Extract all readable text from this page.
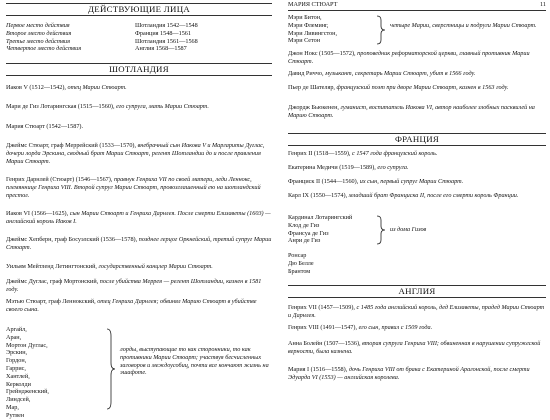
ДЕЙСТВУЮЩИЕ ЛИЦА
Первое место действия	Шотландия 1542—1548
Второе место действия	Франция 1548—1561
Третье место действия	Шотландия 1561—1568
Четвертое место действия	Англия 1568—1587
ШОТЛАНДИЯ

Иаков V (1512—1542), отец Марии Стюарт.

Мари де Гиз Лотарингская (1515—1560), его супруга, мать Марии Стюарт.

Мария Стюарт (1542—1587).

Джеймс Стюарт, граф Меррейский (1533—1570), внебрачный сын Иакова V и Маргариты Дуглас, дочери лорда Эрскина, сводный брат Марии Стюарт, регент Шотландии до и после правления Марии Стюарт.

Генрих Дарнлей (Стюарт) (1546—1567), правнук Генриха VII по своей матери, леди Леннокс, племяннице Генриха VIII. Второй супруг Марии Стюарт, провозглашенный ею на шотландский престол.

Иаков VI (1566—1625), сын Марии Стюарт и Генриха Дарнлея. После смерти Елизаветы (1603) — английский король Иаков I.

Джеймс Хепберн, граф Босуэлский (1536—1578), позднее герцог Оркнейский, третий супруг Марии Стюарт.

Уильям Мейтленд Летингтонский, государственный канцлер Марии Стюарт.

Джеймс Дуглас, граф Мортонский, после убийства Меррея — регент Шотландии, казнен в 1581 году.

Мэтью Стюарт, граф Леннокский, отец Генриха Дарнлея; обвинял Марию Стюарт в убийстве своего сына.

Аргайл,
Аран,
Мортон Дуглас,
Эрскин,
Гордон,
Гаррис,
Хантлей,
Керколди Грейндженский,
Линдсей,
Мар,
Рутвен
лорды, выступающие то как сторонники, то как противники Марии Стюарт; участвуя бесчисленных заговоров и междоусобиц, почти все кончают жизнь на эшафоте.
МАРИЯ СТЮАРТ	11
Мэри Битон,
Мэри Флеминг,
Мэри Ливингстон,
Мэри Сетон
четыре Марии, сверстницы и подруги Марии Стюарт.

Джон Нокс (1505—1572), проповедник реформаторской церкви, главный противник Марии Стюарт.

Давид Риччо, музыкант, секретарь Марии Стюарт, убит в 1566 году.

Пьер де Шателяр, французский поэт при дворе Марии Стюарт, казнен в 1563 году.

Джордж Бьюкенен, гуманист, воспитатель Иакова VI, автор наиболее злобных пасквилей на Марию Стюарт.

ФРАНЦИЯ

Генрих II (1518—1559), с 1547 года французский король.

Екатерина Медичи (1519—1589), его супруга.

Франциск II (1544—1560), их сын, первый супруг Марии Стюарт.

Карл IX (1550—1574), младший брат Франциска II, после его смерти король Франции.

Кардинал Лотарингский
Клод де Гиз
Франсуа де Гиз
Анри де Гиз
из дома Гизов
Ронсар
Дю Белле
Брантом
АНГЛИЯ

Генрих VII (1457—1509), с 1485 года английский король, дед Елизаветы, прадед Марии Стюарт и Дарнлея.

Генрих VIII (1491—1547), его сын, правил с 1509 года.

Анна Болейн (1507—1536), вторая супруга Генриха VIII; обвиненная в нарушении супружеской верности, была казнена.

Мария I (1516—1558), дочь Генриха VIII от брака с Екатериной Арагонской, после смерти Эдуарда VI (1553) — английская королева.
